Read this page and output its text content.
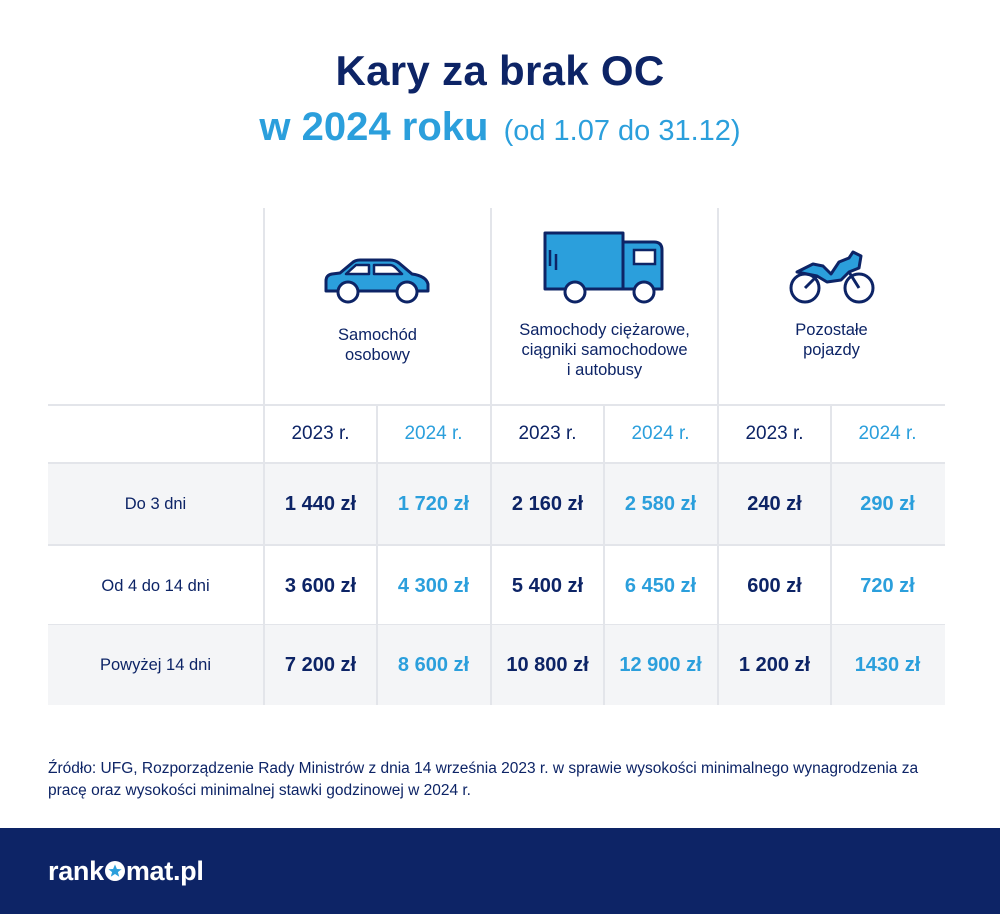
Kary za brak OC
w 2024 roku (od 1.07 do 31.12)
Samochód
osobowy
Samochody ciężarowe,
ciągniki samochodowe
i autobusy
Pozostałe
pojazdy
2023 r.	2024 r.	2023 r.	2024 r.	2023 r.	2024 r.
Do 3 dni	1 440 zł	1 720 zł	2 160 zł	2 580 zł	240 zł	290 zł
Od 4 do 14 dni	3 600 zł	4 300 zł	5 400 zł	6 450 zł	600 zł	720 zł
Powyżej 14 dni	7 200 zł	8 600 zł	10 800 zł	12 900 zł	1 200 zł	1430 zł
Źródło: UFG, Rozporządzenie Rady Ministrów z dnia 14 września 2023 r. w sprawie wysokości minimalnego wynagrodzenia za pracę oraz wysokości minimalnej stawki godzinowej w 2024 r.
rank mat.pl
